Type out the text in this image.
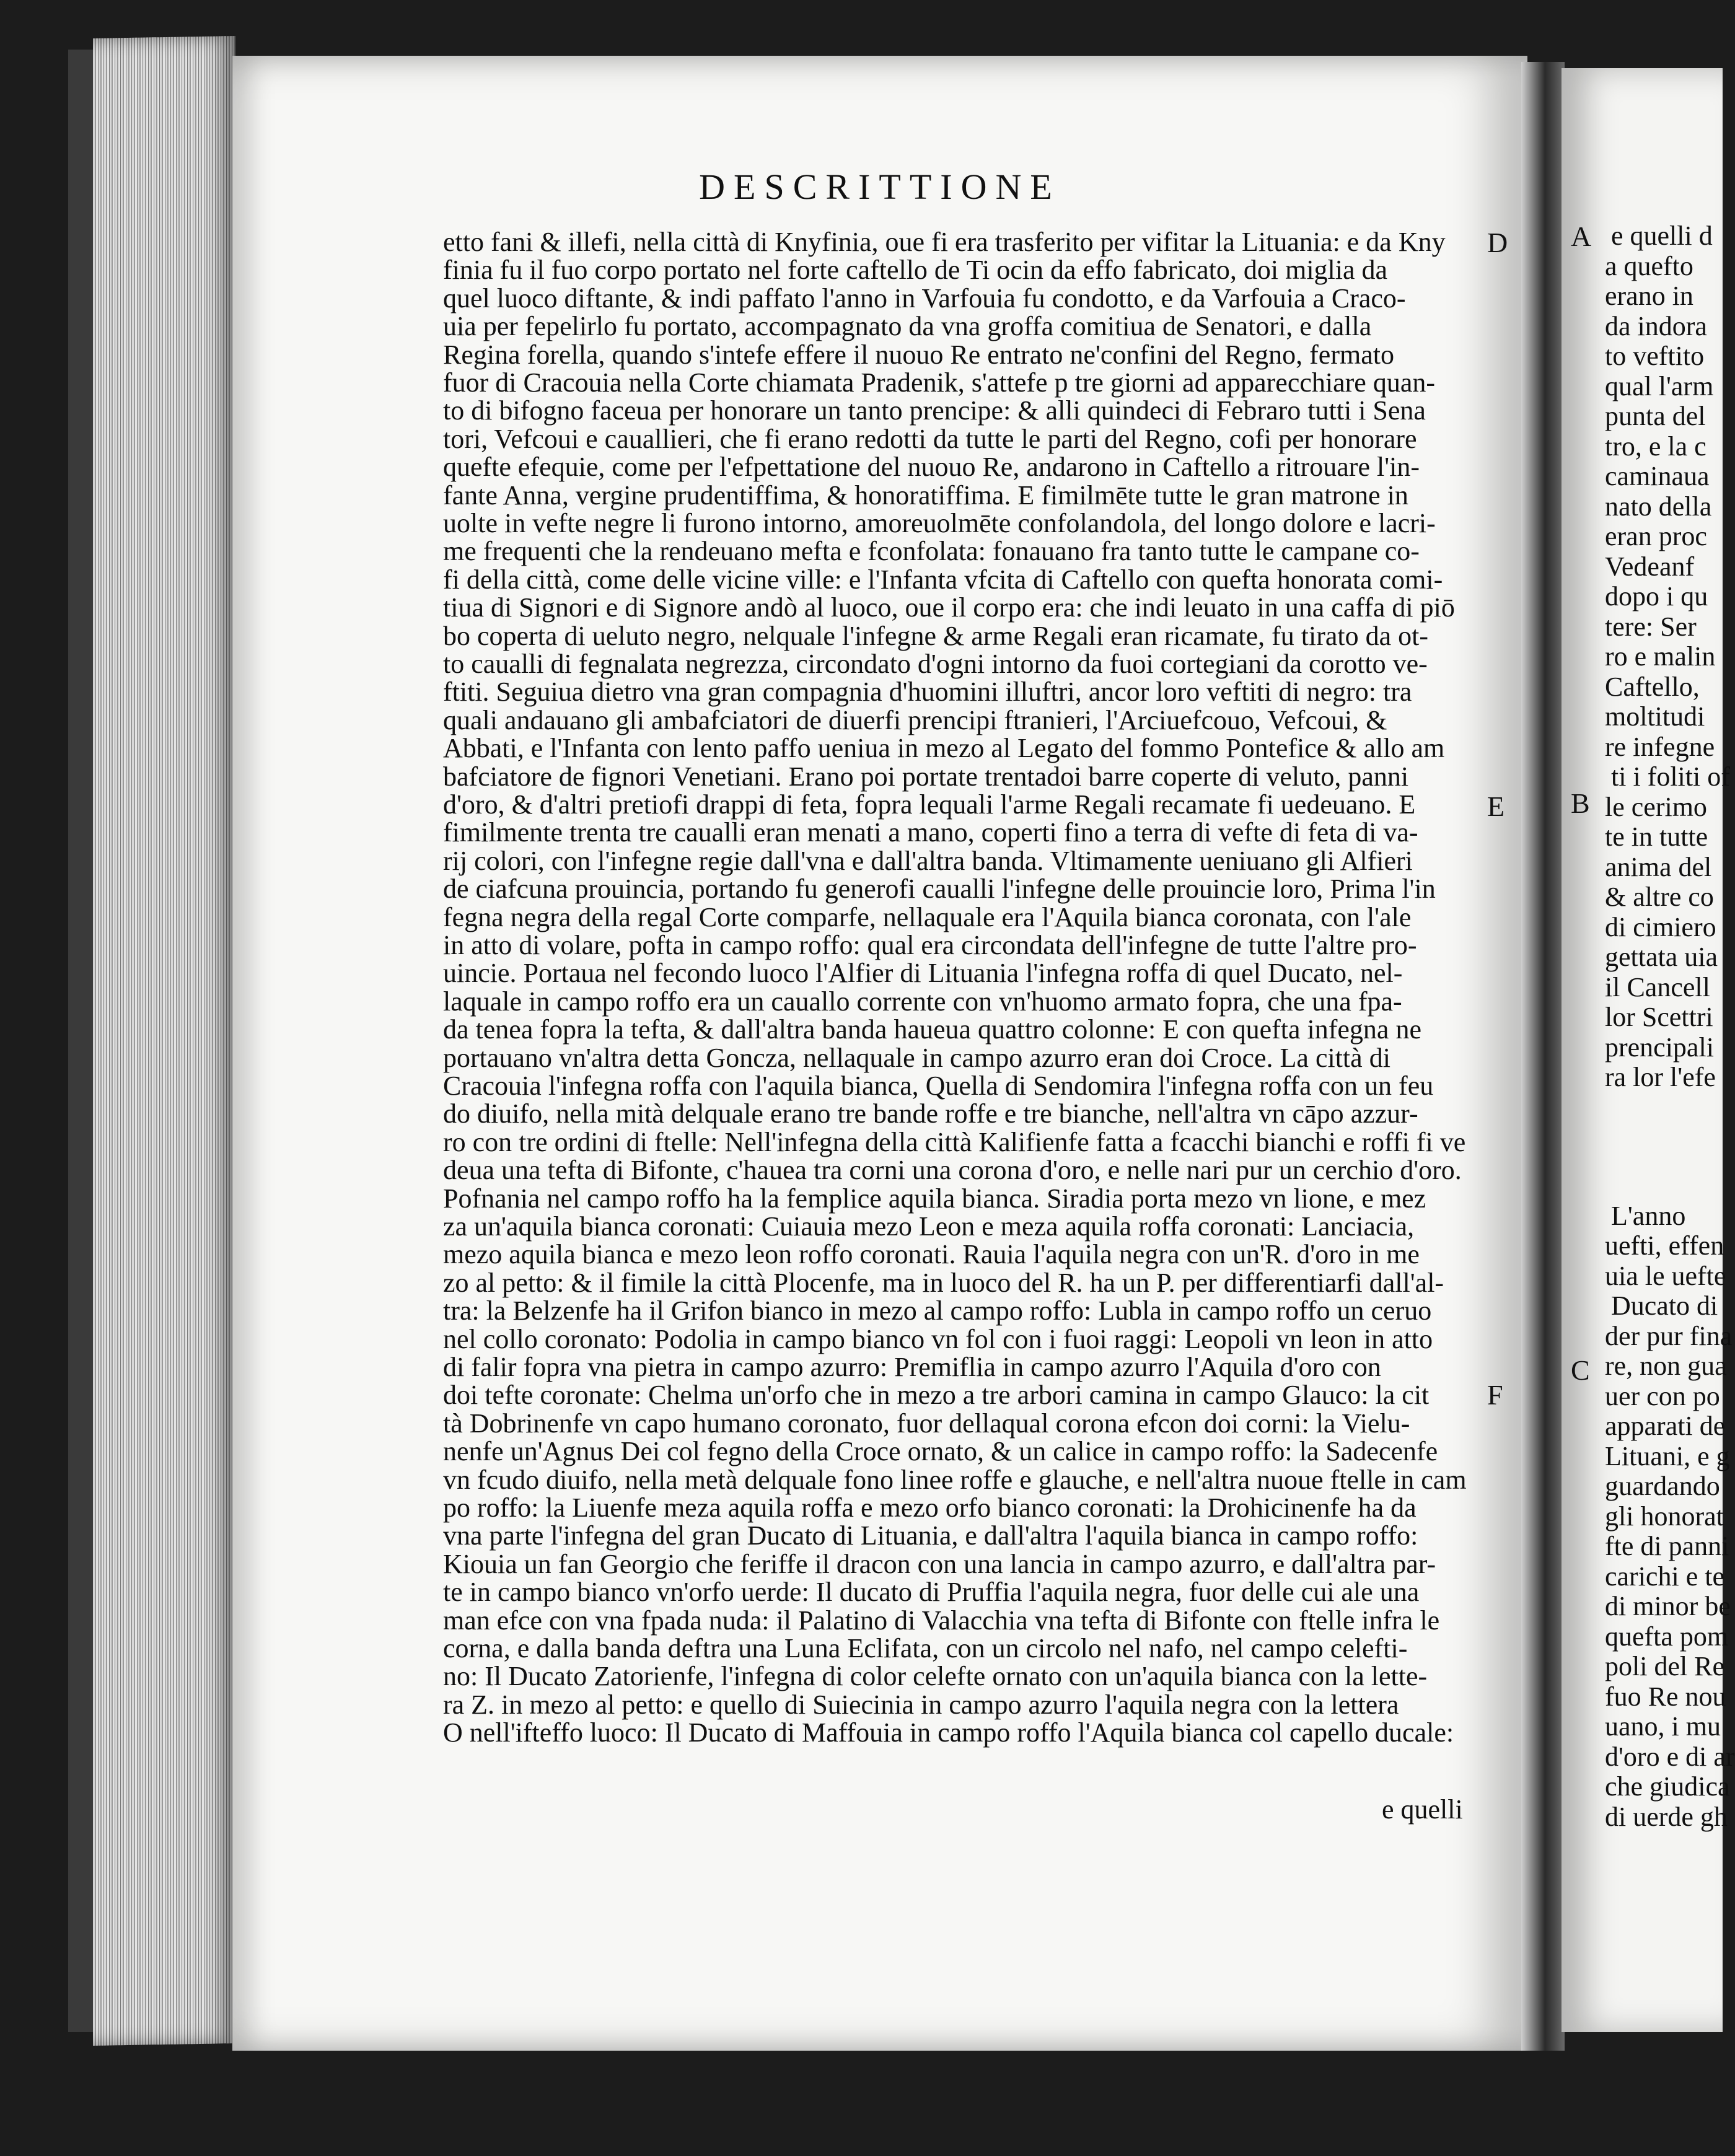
DESCRITTIONE
etto fani & illefi, nella città di Knyfinia, oue fi era trasferito per vifitar la Lituania: e da Kny
finia fu il fuo corpo portato nel forte caftello de Ti ocin da effo fabricato, doi miglia da
quel luoco diftante, & indi paffato l'anno in Varfouia fu condotto, e da Varfouia a Craco-
uia per fepelirlo fu portato, accompagnato da vna groffa comitiua de Senatori, e dalla
Regina forella, quando s'intefe effere il nuouo Re entrato ne'confini del Regno, fermato
fuor di Cracouia nella Corte chiamata Pradenik, s'attefe p tre giorni ad apparecchiare quan-
to di bifogno faceua per honorare un tanto prencipe: & alli quindeci di Febraro tutti i Sena
tori, Vefcoui e cauallieri, che fi erano redotti da tutte le parti del Regno, cofi per honorare
quefte efequie, come per l'efpettatione del nuouo Re, andarono in Caftello a ritrouare l'in-
fante Anna, vergine prudentiffima, & honoratiffima. E fimilmēte tutte le gran matrone in
uolte in vefte negre li furono intorno, amoreuolmēte confolandola, del longo dolore e lacri-
me frequenti che la rendeuano mefta e fconfolata: fonauano fra tanto tutte le campane co-
fi della città, come delle vicine ville: e l'Infanta vfcita di Caftello con quefta honorata comi-
tiua di Signori e di Signore andò al luoco, oue il corpo era: che indi leuato in una caffa di piō
bo coperta di ueluto negro, nelquale l'infegne & arme Regali eran ricamate, fu tirato da ot-
to caualli di fegnalata negrezza, circondato d'ogni intorno da fuoi cortegiani da corotto ve-
ftiti. Seguiua dietro vna gran compagnia d'huomini illuftri, ancor loro veftiti di negro: tra
quali andauano gli ambafciatori de diuerfi prencipi ftranieri, l'Arciuefcouo, Vefcoui, &
Abbati, e l'Infanta con lento paffo ueniua in mezo al Legato del fommo Pontefice & allo am
bafciatore de fignori Venetiani. Erano poi portate trentadoi barre coperte di veluto, panni
d'oro, & d'altri pretiofi drappi di feta, fopra lequali l'arme Regali recamate fi uedeuano. E
fimilmente trenta tre caualli eran menati a mano, coperti fino a terra di vefte di feta di va-
rij colori, con l'infegne regie dall'vna e dall'altra banda. Vltimamente ueniuano gli Alfieri
de ciafcuna prouincia, portando fu generofi caualli l'infegne delle prouincie loro, Prima l'in
fegna negra della regal Corte comparfe, nellaquale era l'Aquila bianca coronata, con l'ale
in atto di volare, pofta in campo roffo: qual era circondata dell'infegne de tutte l'altre pro-
uincie. Portaua nel fecondo luoco l'Alfier di Lituania l'infegna roffa di quel Ducato, nel-
laquale in campo roffo era un cauallo corrente con vn'huomo armato fopra, che una fpa-
da tenea fopra la tefta, & dall'altra banda haueua quattro colonne: E con quefta infegna ne
portauano vn'altra detta Goncza, nellaquale in campo azurro eran doi Croce. La città di
Cracouia l'infegna roffa con l'aquila bianca, Quella di Sendomira l'infegna roffa con un feu
do diuifo, nella mità delquale erano tre bande roffe e tre bianche, nell'altra vn cāpo azzur-
ro con tre ordini di ftelle: Nell'infegna della città Kalifienfe fatta a fcacchi bianchi e roffi fi ve
deua una tefta di Bifonte, c'hauea tra corni una corona d'oro, e nelle nari pur un cerchio d'oro.
Pofnania nel campo roffo ha la femplice aquila bianca. Siradia porta mezo vn lione, e mez
za un'aquila bianca coronati: Cuiauia mezo Leon e meza aquila roffa coronati: Lanciacia,
mezo aquila bianca e mezo leon roffo coronati. Rauia l'aquila negra con un'R. d'oro in me
zo al petto: & il fimile la città Plocenfe, ma in luoco del R. ha un P. per differentiarfi dall'al-
tra: la Belzenfe ha il Grifon bianco in mezo al campo roffo: Lubla in campo roffo un ceruo
nel collo coronato: Podolia in campo bianco vn fol con i fuoi raggi: Leopoli vn leon in atto
di falir fopra vna pietra in campo azurro: Premiflia in campo azurro l'Aquila d'oro con
doi tefte coronate: Chelma un'orfo che in mezo a tre arbori camina in campo Glauco: la cit
tà Dobrinenfe vn capo humano coronato, fuor dellaqual corona efcon doi corni: la Vielu-
nenfe un'Agnus Dei col fegno della Croce ornato, & un calice in campo roffo: la Sadecenfe
vn fcudo diuifo, nella metà delquale fono linee roffe e glauche, e nell'altra nuoue ftelle in cam
po roffo: la Liuenfe meza aquila roffa e mezo orfo bianco coronati: la Drohicinenfe ha da
vna parte l'infegna del gran Ducato di Lituania, e dall'altra l'aquila bianca in campo roffo:
Kiouia un fan Georgio che feriffe il dracon con una lancia in campo azurro, e dall'altra par-
te in campo bianco vn'orfo uerde: Il ducato di Pruffia l'aquila negra, fuor delle cui ale una
man efce con vna fpada nuda: il Palatino di Valacchia vna tefta di Bifonte con ftelle infra le
corna, e dalla banda deftra una Luna Eclifata, con un circolo nel nafo, nel campo celefti-
no: Il Ducato Zatorienfe, l'infegna di color celefte ornato con un'aquila bianca con la lette-
ra Z. in mezo al petto: e quello di Suiecinia in campo azurro l'aquila negra con la lettera
O nell'ifteffo luoco: Il Ducato di Maffouia in campo roffo l'Aquila bianca col capello ducale:
D
E
F
e quelli
e quelli d
a quefto
erano in
da indora
to veftito
qual l'arm
punta del
tro, e la c
caminaua
nato della
eran proc
Vedeanf
dopo i qu
tere: Ser
ro e malin
Caftello,
moltitudi
re infegne
ti i foliti of
le cerimo
te in tutte
anima del
& altre co
di cimiero
gettata uia
il Cancell
lor Scettri
prencipali
ra lor l'efe
L'anno
uefti, effen
uia le uefte
Ducato di
der pur fina
re, non gua
uer con po
apparati de
Lituani, e g
guardando
gli honorat
fte di panni
carichi e te
di minor be
quefta pom
poli del Re
fuo Re nou
uano, i mu
d'oro e di ar
che giudica
di uerde gh
A
B
C
